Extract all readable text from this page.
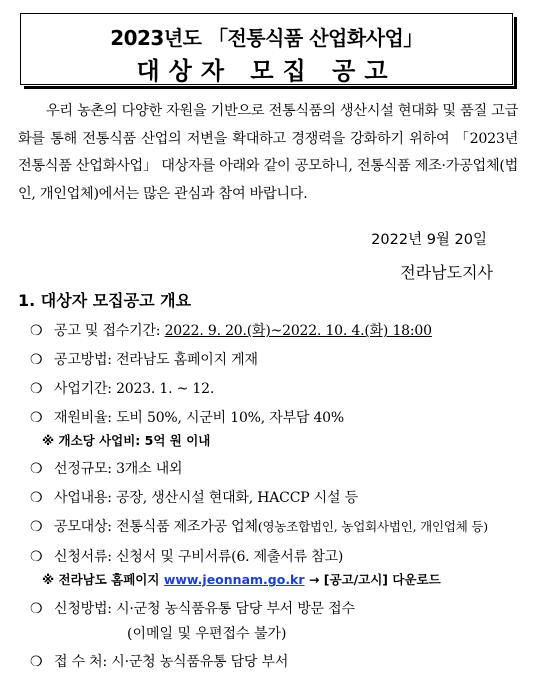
2023년도 「전통식품 산업화사업」
대상자 모집 공고
우리 농촌의 다양한 자원을 기반으로 전통식품의 생산시설 현대화 및 품질 고급화를 통해 전통식품 산업의 저변을 확대하고 경쟁력을 강화하기 위하여 「2023년 전통식품 산업화사업」 대상자를 아래와 같이 공모하니, 전통식품 제조·가공업체(법인, 개인업체)에서는 많은 관심과 참여 바랍니다.
2022년 9월 20일
전라남도지사
1. 대상자 모집공고 개요
❍ 공고 및 접수기간: 2022. 9. 20.(화)~2022. 10. 4.(화) 18:00
❍ 공고방법: 전라남도 홈페이지 게재
❍ 사업기간: 2023. 1. ~ 12.
❍ 재원비율: 도비 50%, 시군비 10%, 자부담 40%
※ 개소당 사업비: 5억 원 이내
❍ 선정규모: 3개소 내외
❍ 사업내용: 공장, 생산시설 현대화, HACCP 시설 등
❍ 공모대상: 전통식품 제조가공 업체(영농조합법인, 농업회사법인, 개인업체 등)
❍ 신청서류: 신청서 및 구비서류(6. 제출서류 참고)
※ 전라남도 홈페이지 www.jeonnam.go.kr → [공고/고시] 다운로드
❍ 신청방법: 시·군청 농식품유통 담당 부서 방문 접수
(이메일 및 우편접수 불가)
❍ 접 수 처: 시·군청 농식품유통 담당 부서
